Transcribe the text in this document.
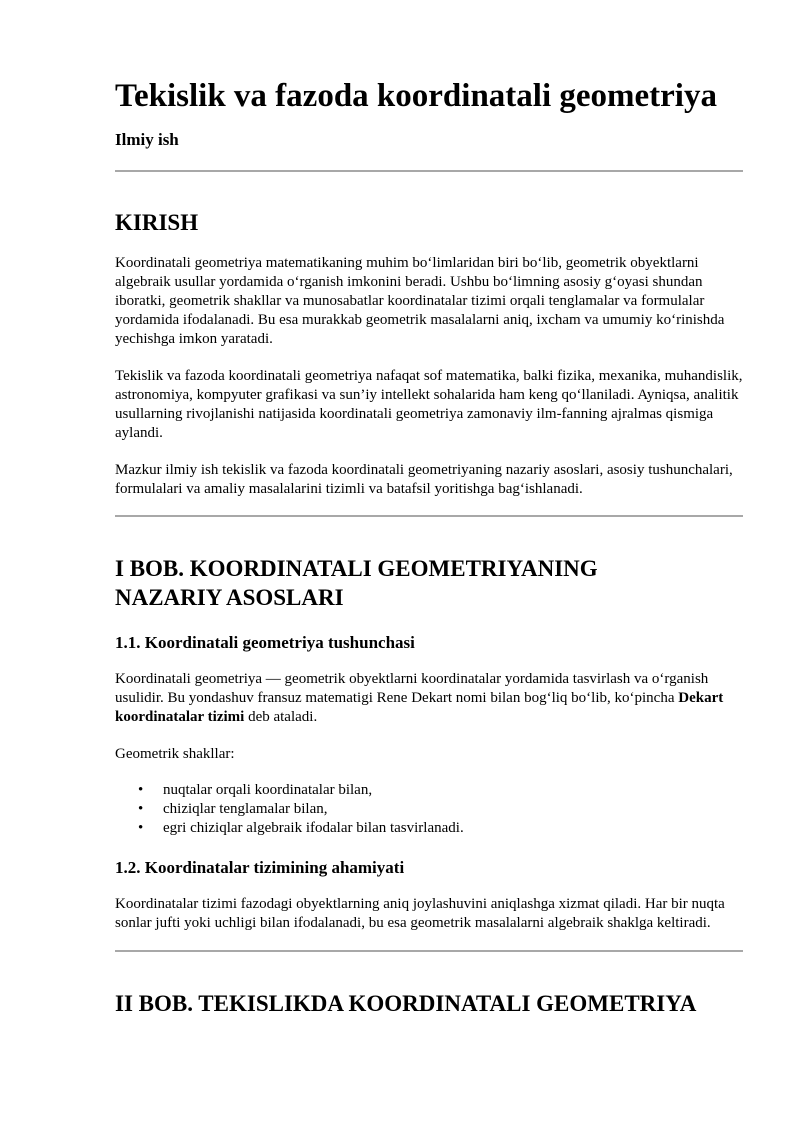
Tekislik va fazoda koordinatali geometriya
Ilmiy ish
KIRISH

Koordinatali geometriya matematikaning muhim bo‘limlaridan biri bo‘lib, geometrik obyektlarni algebraik usullar yordamida o‘rganish imkonini beradi. Ushbu bo‘limning asosiy g‘oyasi shundan iboratki, geometrik shakllar va munosabatlar koordinatalar tizimi orqali tenglamalar va formulalar yordamida ifodalanadi. Bu esa murakkab geometrik masalalarni aniq, ixcham va umumiy ko‘rinishda yechishga imkon yaratadi.

Tekislik va fazoda koordinatali geometriya nafaqat sof matematika, balki fizika, mexanika, muhandislik, astronomiya, kompyuter grafikasi va sun’iy intellekt sohalarida ham keng qo‘llaniladi. Ayniqsa, analitik usullarning rivojlanishi natijasida koordinatali geometriya zamonaviy ilm-fanning ajralmas qismiga aylandi.

Mazkur ilmiy ish tekislik va fazoda koordinatali geometriyaning nazariy asoslari, asosiy tushunchalari, formulalari va amaliy masalalarini tizimli va batafsil yoritishga bag‘ishlanadi.

I BOB. KOORDINATALI GEOMETRIYANING
NAZARIY ASOSLARI
1.1. Koordinatali geometriya tushunchasi

Koordinatali geometriya — geometrik obyektlarni koordinatalar yordamida tasvirlash va o‘rganish usulidir. Bu yondashuv fransuz matematigi Rene Dekart nomi bilan bog‘liq bo‘lib, ko‘pincha Dekart koordinatalar tizimi deb ataladi.

Geometrik shakllar:

• nuqtalar orqali koordinatalar bilan,
• chiziqlar tenglamalar bilan,
• egri chiziqlar algebraik ifodalar bilan tasvirlanadi.
1.2. Koordinatalar tizimining ahamiyati

Koordinatalar tizimi fazodagi obyektlarning aniq joylashuvini aniqlashga xizmat qiladi. Har bir nuqta sonlar jufti yoki uchligi bilan ifodalanadi, bu esa geometrik masalalarni algebraik shaklga keltiradi.

II BOB. TEKISLIKDA KOORDINATALI GEOMETRIYA
